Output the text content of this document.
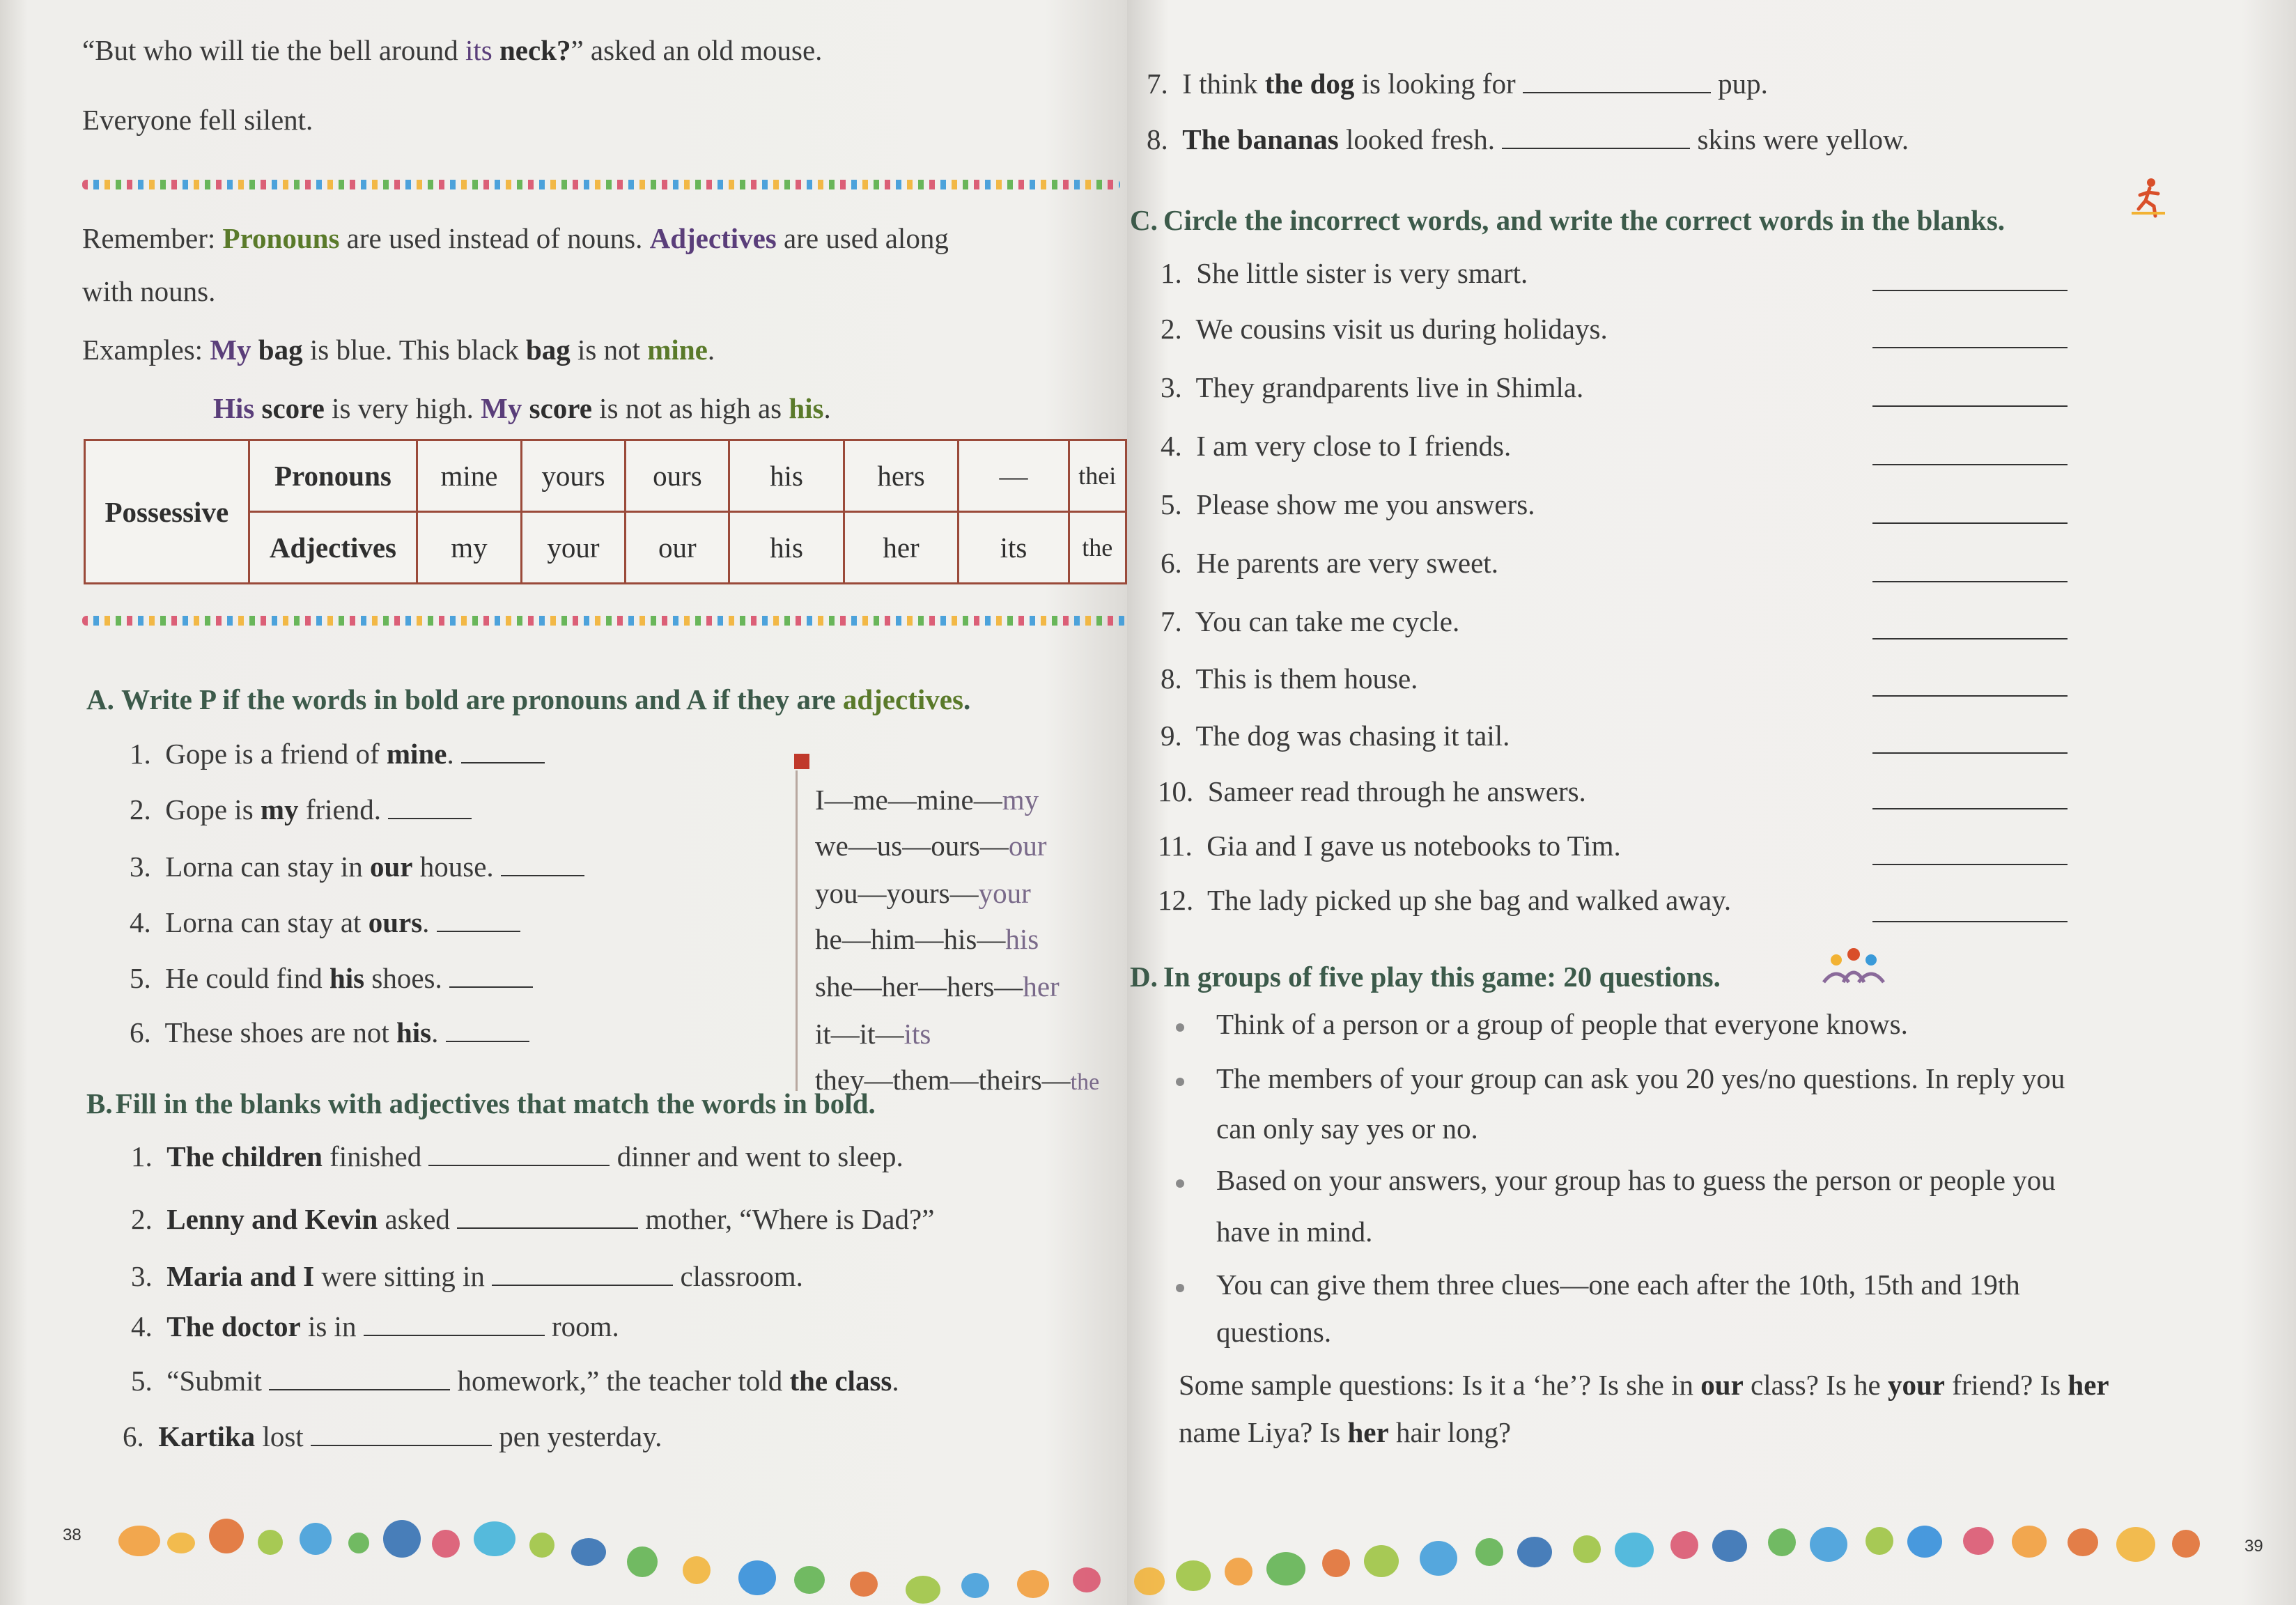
“But who will tie the bell around its neck?” asked an old mouse.
Everyone fell silent.
Remember: Pronouns are used instead of nouns. Adjectives are used along
with nouns.
Examples: My bag is blue. This black bag is not mine.
His score is very high. My score is not as high as his.
Possessive	Pronouns	mine	yours	ours	his	hers	—	thei
	Adjectives	my	your	our	his	her	its	the
A. Write P if the words in bold are pronouns and A if they are adjectives.
1. Gope is a friend of mine.
2. Gope is my friend.
3. Lorna can stay in our house.
4. Lorna can stay at ours.
5. He could find his shoes.
6. These shoes are not his.
I—me—mine—my
we—us—ours—our
you—yours—your
he—him—his—his
she—her—hers—her
it—it—its
they—them—theirs—the
B. Fill in the blanks with adjectives that match the words in bold.
1. The children finished	dinner and went to sleep.
2. Lenny and Kevin asked	mother, “Where is Dad?”
3. Maria and I were sitting in	classroom.
4. The doctor is in	room.
5. “Submit	homework,” the teacher told the class.
6. Kartika lost	pen yesterday.
38
7. I think the dog is looking for	pup.
8. The bananas looked fresh.	skins were yellow.
C. Circle the incorrect words, and write the correct words in the blanks.
1. She little sister is very smart.
2. We cousins visit us during holidays.
3. They grandparents live in Shimla.
4. I am very close to I friends.
5. Please show me you answers.
6. He parents are very sweet.
7. You can take me cycle.
8. This is them house.
9. The dog was chasing it tail.
10. Sameer read through he answers.
11. Gia and I gave us notebooks to Tim.
12. The lady picked up she bag and walked away.
D. In groups of five play this game: 20 questions.
Think of a person or a group of people that everyone knows.
The members of your group can ask you 20 yes/no questions. In reply you
can only say yes or no.
Based on your answers, your group has to guess the person or people you
have in mind.
You can give them three clues—one each after the 10th, 15th and 19th
questions.
Some sample questions: Is it a ‘he’? Is she in our class? Is he your friend? Is her
name Liya? Is her hair long?
39
